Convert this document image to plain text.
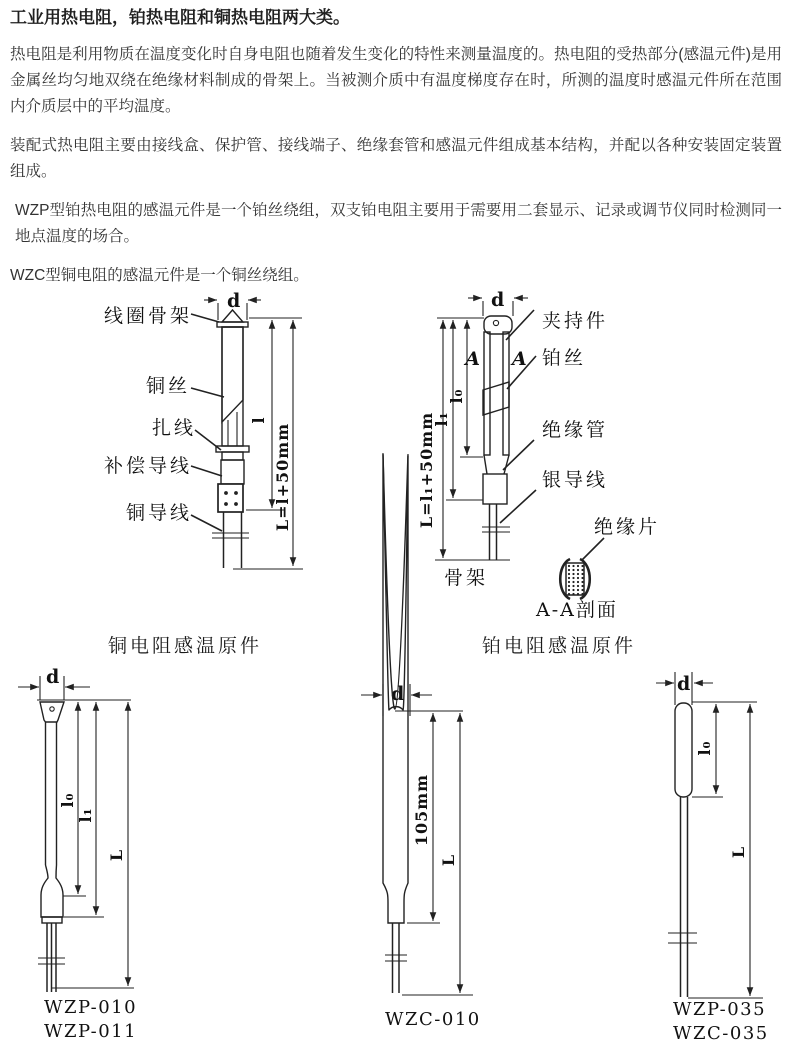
工业用热电阻，铂热电阻和铜热电阻两大类。

热电阻是利用物质在温度变化时自身电阻也随着发生变化的特性来测量温度的。热电阻的受热部分(感温元件)是用金属丝均匀地双绕在绝缘材料制成的骨架上。当被测介质中有温度梯度存在时，所测的温度时感温元件所在范围内介质层中的平均温度。

装配式热电阻主要由接线盒、保护管、接线端子、绝缘套管和感温元件组成基本结构，并配以各种安装固定装置组成。

WZP型铂热电阻的感温元件是一个铂丝绕组，双支铂电阻主要用于需要用二套显示、记录或调节仪同时检测同一地点温度的场合。

WZC型铜电阻的感温元件是一个铜丝绕组。

d
线圈骨架
铜丝
扎线
补偿导线
铜导线
l
L=l+50mm
铜电阻感温原件
d
A A
l₀
l₁
L=l₁+50mm
夹持件
铂丝
绝缘管
银导线
绝缘片
骨架
A-A剖面
铂电阻感温原件
d
l₀
l₁
L
WZP-010
WZP-011
d
105mm
L
WZC-010
d
l₀
L
WZP-035
WZC-035
